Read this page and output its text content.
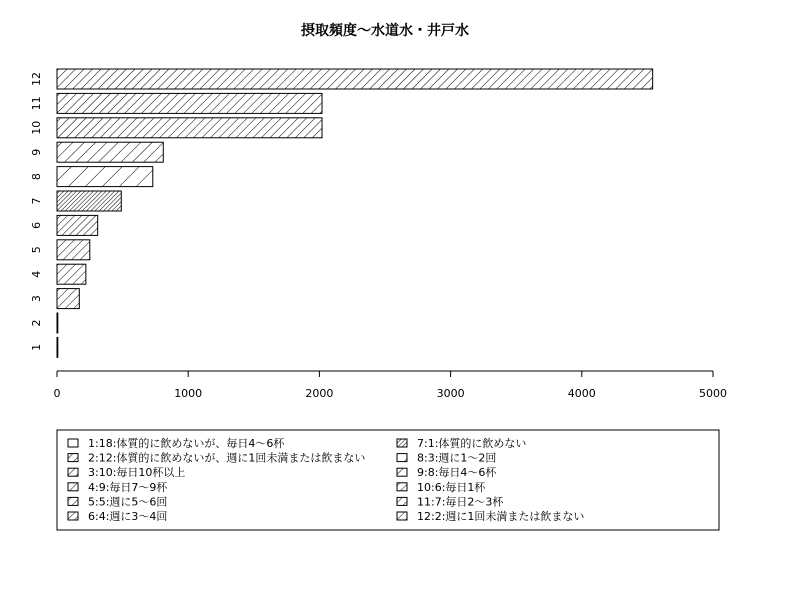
摂取頻度〜水道水・井戸水
1
2
3
4
5
6
7
8
9
10
11
12
0	1000	2000	3000	4000	5000
1:18:体質的に飲めないが、毎日4〜6杯
2:12:体質的に飲めないが、週に1回未満または飲まない
3:10:毎日10杯以上
4:9:毎日7〜9杯
5:5:週に5〜6回
6:4:週に3〜4回
7:1:体質的に飲めない
8:3:週に1〜2回
9:8:毎日4〜6杯
10:6:毎日1杯
11:7:毎日2〜3杯
12:2:週に1回未満または飲まない
